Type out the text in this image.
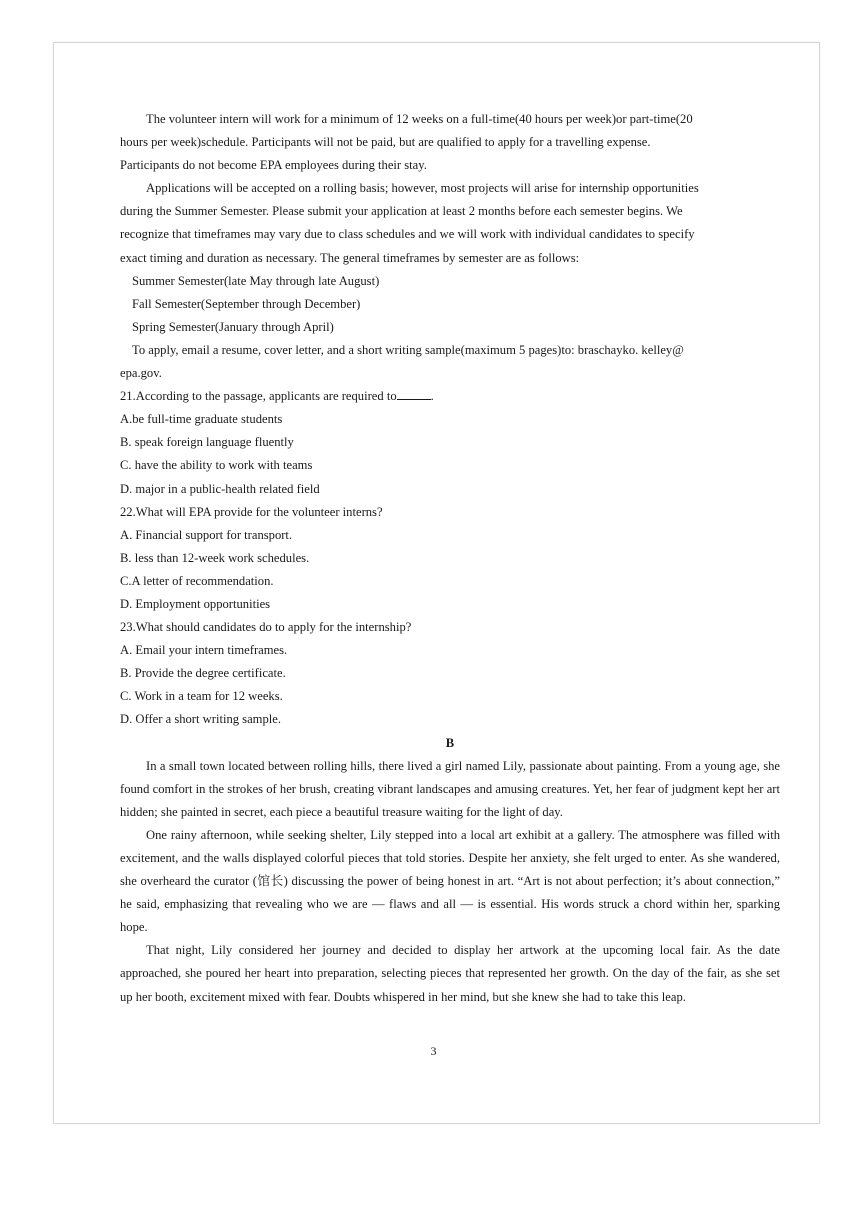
The volunteer intern will work for a minimum of 12 weeks on a full-time(40 hours per week)or part-time(20

hours per week)schedule. Participants will not be paid, but are qualified to apply for a travelling expense.

Participants do not become EPA employees during their stay.

Applications will be accepted on a rolling basis; however, most projects will arise for internship opportunities

during the Summer Semester. Please submit your application at least 2 months before each semester begins. We

recognize that timeframes may vary due to class schedules and we will work with individual candidates to specify

exact timing and duration as necessary. The general timeframes by semester are as follows:

Summer Semester(late May through late August)

Fall Semester(September through December)

Spring Semester(January through April)

To apply, email a resume, cover letter, and a short writing sample(maximum 5 pages)to: braschayko. kelley@

epa.gov.

21.According to the passage, applicants are required to	.

A.be full-time graduate students

B. speak foreign language fluently

C. have the ability to work with teams

D. major in a public-health related field

22.What will EPA provide for the volunteer interns?

A. Financial support for transport.

B. less than 12-week work schedules.

C.A letter of recommendation.

D. Employment opportunities

23.What should candidates do to apply for the internship?

A. Email your intern timeframes.

B. Provide the degree certificate.

C. Work in a team for 12 weeks.

D. Offer a short writing sample.

B

In a small town located between rolling hills, there lived a girl named Lily, passionate about painting. From a young age, she found comfort in the strokes of her brush, creating vibrant landscapes and amusing creatures. Yet, her fear of judgment kept her art hidden; she painted in secret, each piece a beautiful treasure waiting for the light of day.

One rainy afternoon, while seeking shelter, Lily stepped into a local art exhibit at a gallery. The atmosphere was filled with excitement, and the walls displayed colorful pieces that told stories. Despite her anxiety, she felt urged to enter. As she wandered, she overheard the curator (馆长) discussing the power of being honest in art. “Art is not about perfection; it’s about connection,” he said, emphasizing that revealing who we are — flaws and all — is essential. His words struck a chord within her, sparking hope.

That night, Lily considered her journey and decided to display her artwork at the upcoming local fair. As the date approached, she poured her heart into preparation, selecting pieces that represented her growth. On the day of the fair, as she set up her booth, excitement mixed with fear. Doubts whispered in her mind, but she knew she had to take this leap.

3
